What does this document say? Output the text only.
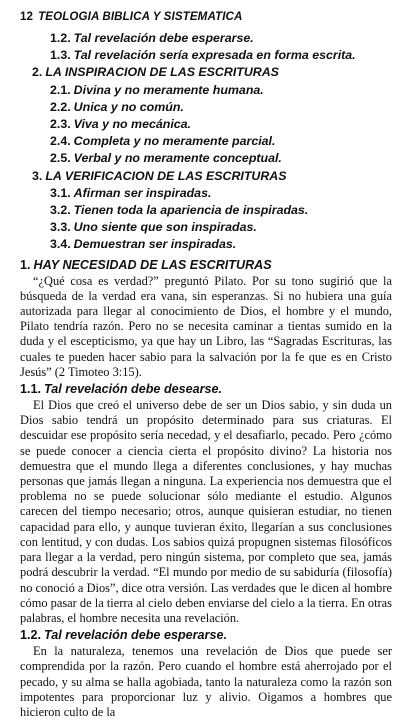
12 TEOLOGIA BIBLICA Y SISTEMATICA
1.2. Tal revelación debe esperarse.
1.3. Tal revelación sería expresada en forma escrita.
2. LA INSPIRACION DE LAS ESCRITURAS
2.1. Divina y no meramente humana.
2.2. Unica y no común.
2.3. Viva y no mecánica.
2.4. Completa y no meramente parcial.
2.5. Verbal y no meramente conceptual.
3. LA VERIFICACION DE LAS ESCRITURAS
3.1. Afirman ser inspiradas.
3.2. Tienen toda la apariencia de inspiradas.
3.3. Uno siente que son inspiradas.
3.4. Demuestran ser inspiradas.
1. HAY NECESIDAD DE LAS ESCRITURAS

“¿Qué cosa es verdad?” preguntó Pilato. Por su tono sugirió que la búsqueda de la verdad era vana, sin esperanzas. Si no hubiera una guía autorizada para llegar al conocimiento de Dios, el hombre y el mundo, Pilato tendría razón. Pero no se necesita caminar a tientas sumido en la duda y el escepticismo, ya que hay un Libro, las “Sagradas Escrituras, las cuales te pueden hacer sabio para la salvación por la fe que es en Cristo Jesús” (2 Timoteo 3:15).

1.1. Tal revelación debe desearse.

El Dios que creó el universo debe de ser un Dios sabio, y sin duda un Dios sabio tendrá un propósito determinado para sus criaturas. El descuidar ese propósito sería necedad, y el desafiarlo, pecado. Pero ¿cómo se puede conocer a ciencia cierta el propósito divino? La historia nos demuestra que el mundo llega a diferentes conclusiones, y hay muchas personas que jamás llegan a ninguna. La experiencia nos demuestra que el problema no se puede solucionar sólo mediante el estudio. Algunos carecen del tiempo necesario; otros, aunque quisieran estudiar, no tienen capacidad para ello, y aunque tuvieran éxito, llegarían a sus conclusiones con lentitud, y con dudas. Los sabios quizá propugnen sistemas filosóficos para llegar a la verdad, pero ningún sistema, por completo que sea, jamás podrá descubrir la verdad. “El mundo por medio de su sabiduría (filosofía) no conoció a Dios”, dice otra versión. Las verdades que le dicen al hombre cómo pasar de la tierra al cielo deben enviarse del cielo a la tierra. En otras palabras, el hombre necesita una revelación.

1.2. Tal revelación debe esperarse.

En la naturaleza, tenemos una revelación de Dios que puede ser comprendida por la razón. Pero cuando el hombre está aherrojado por el pecado, y su alma se halla agobiada, tanto la naturaleza como la razón son impotentes para proporcionar luz y alivio. Oigamos a hombres que hicieron culto de la
